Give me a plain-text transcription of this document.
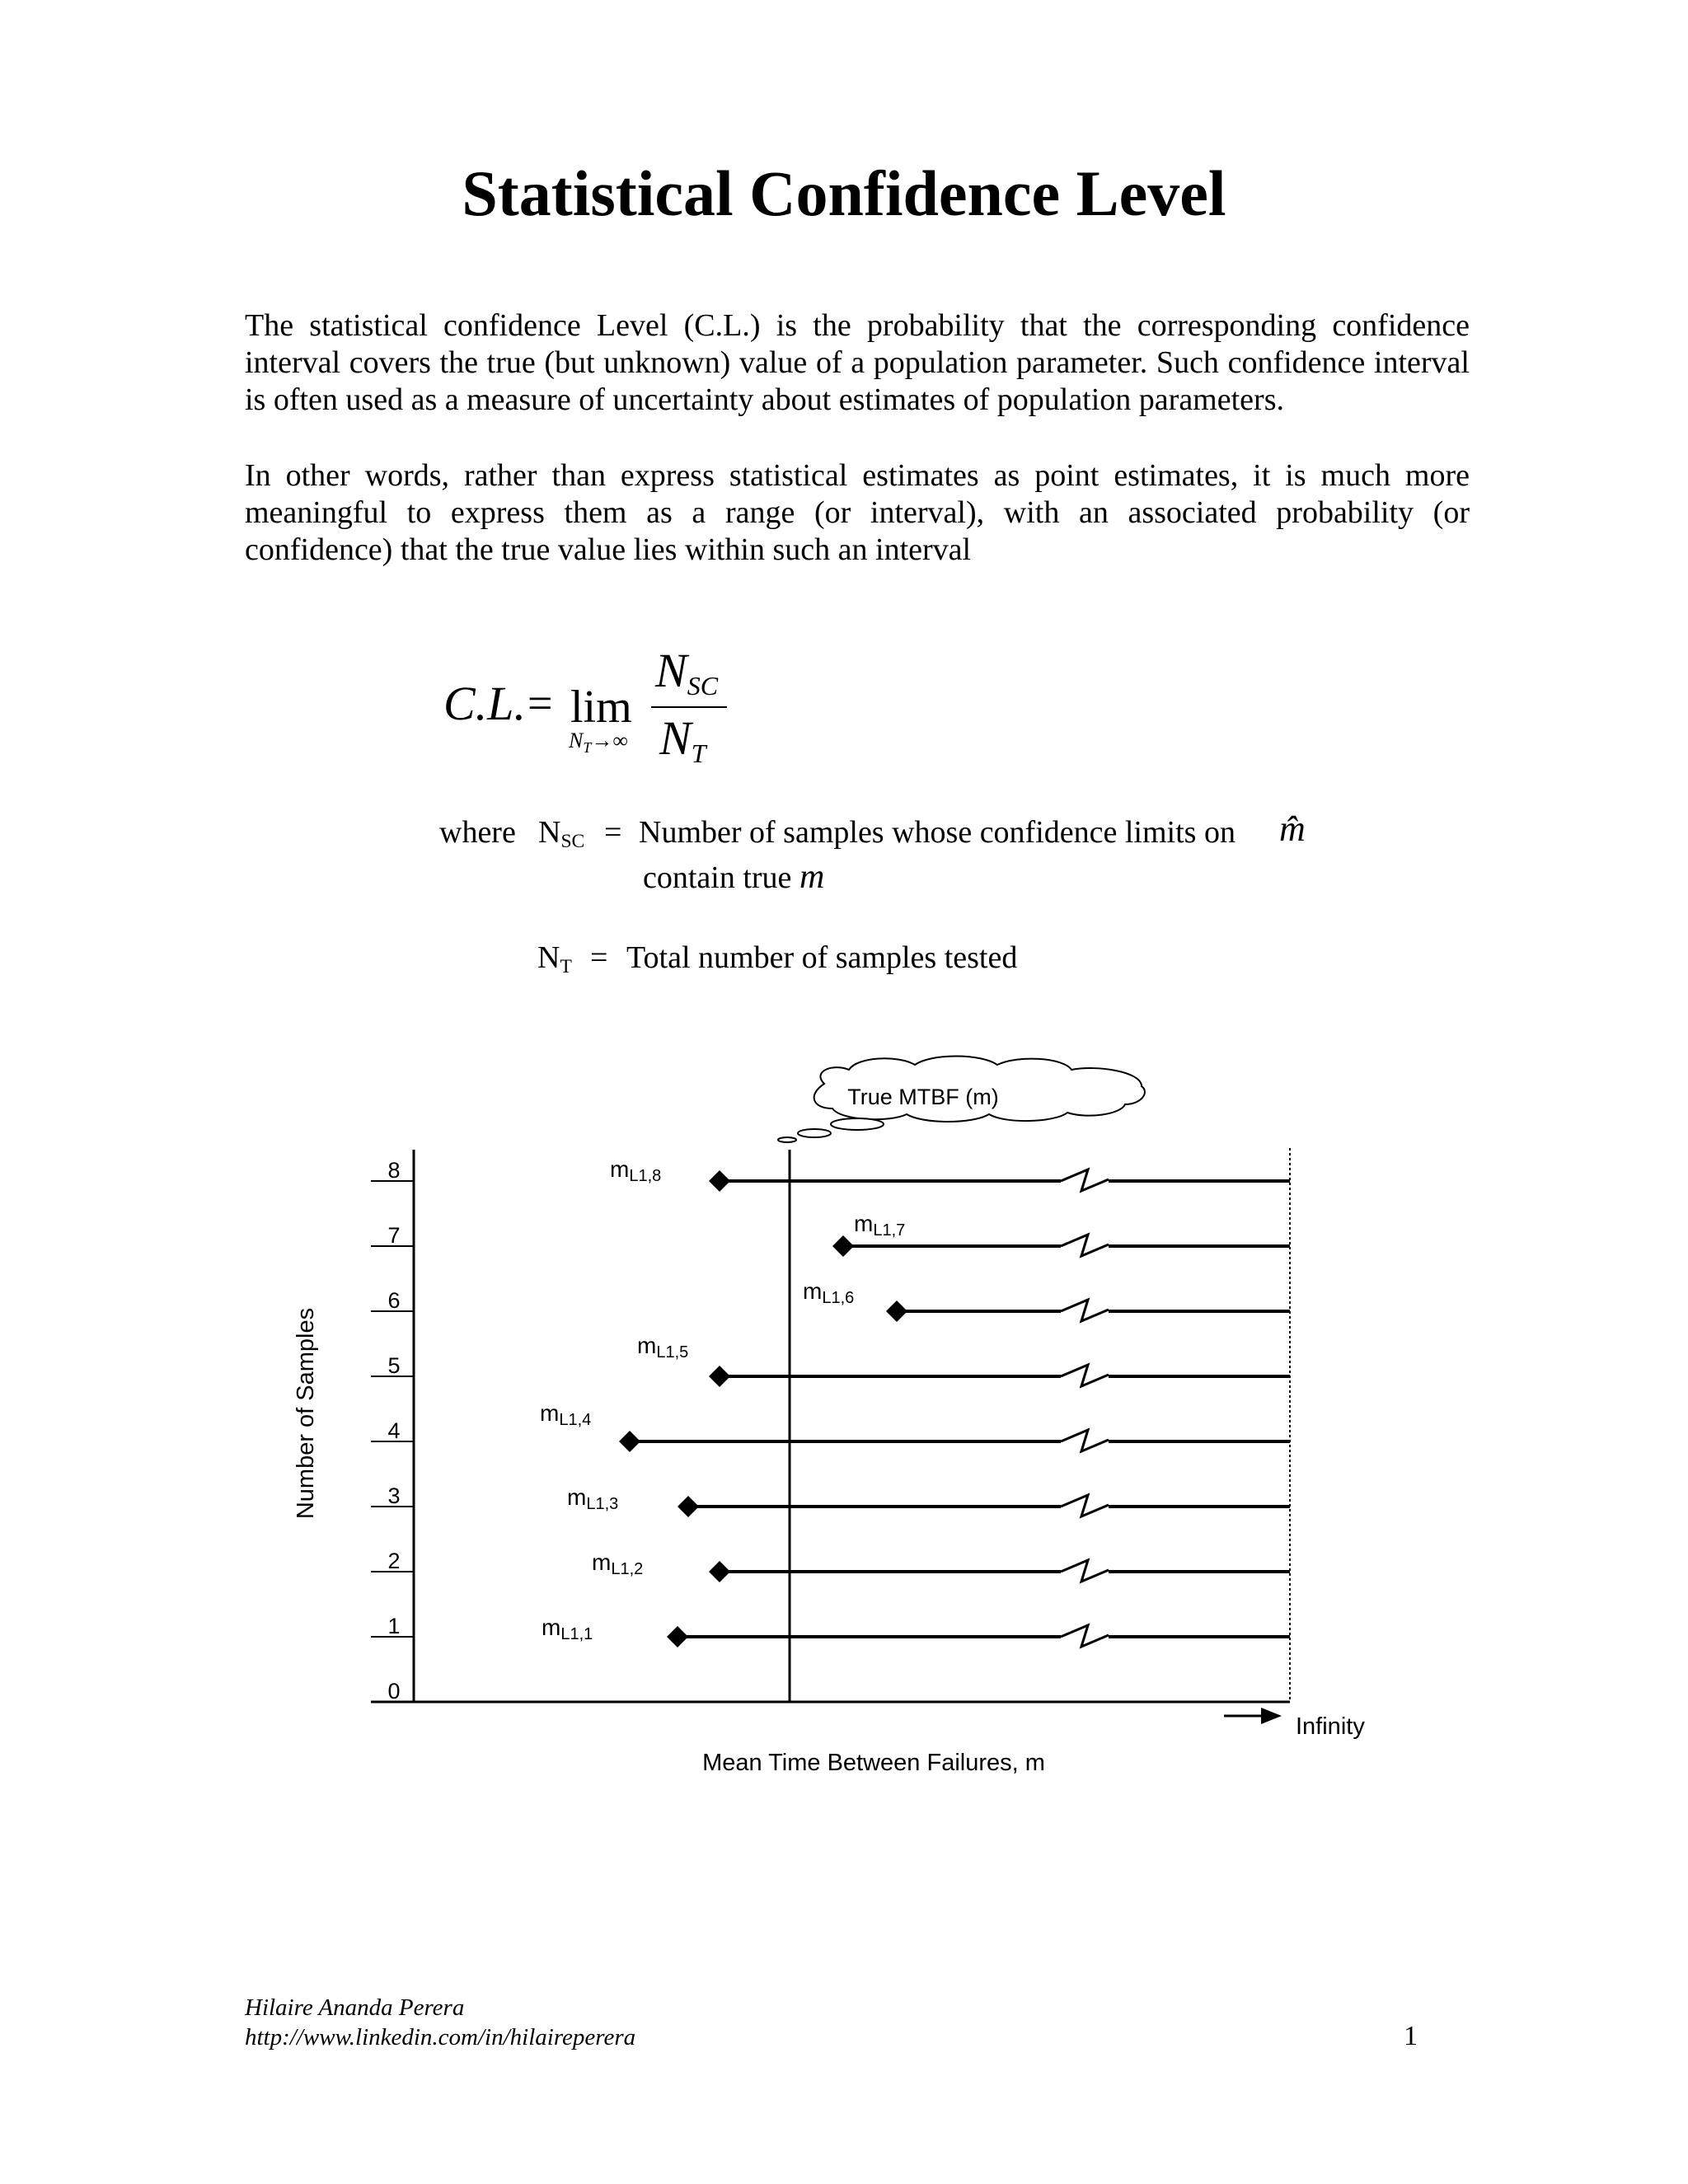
Statistical Confidence Level

The statistical confidence Level (C.L.) is the probability that the corresponding confidence interval covers the true (but unknown) value of a population parameter. Such confidence interval is often used as a measure of uncertainty about estimates of population parameters.

In other words, rather than express statistical estimates as point estimates, it is much more meaningful to express them as a range (or interval), with an associated probability (or confidence) that the true value lies within such an interval

C.L. = lim
$N_T\to\infty$
NSC
NT
where $N_{SC}$ = Number of samples whose confidence limits on m̂
contain true m
$N_T$ = Total number of samples tested
True MTBF (m)
0
1
2
3
4
5
6
7
8
mL1,1
mL1,2
mL1,3
mL1,4
mL1,5
mL1,6
mL1,7
mL1,8
Infinity
Mean Time Between Failures, m
Number of Samples
Hilaire Ananda Perera
http://www.linkedin.com/in/hilaireperera	1
